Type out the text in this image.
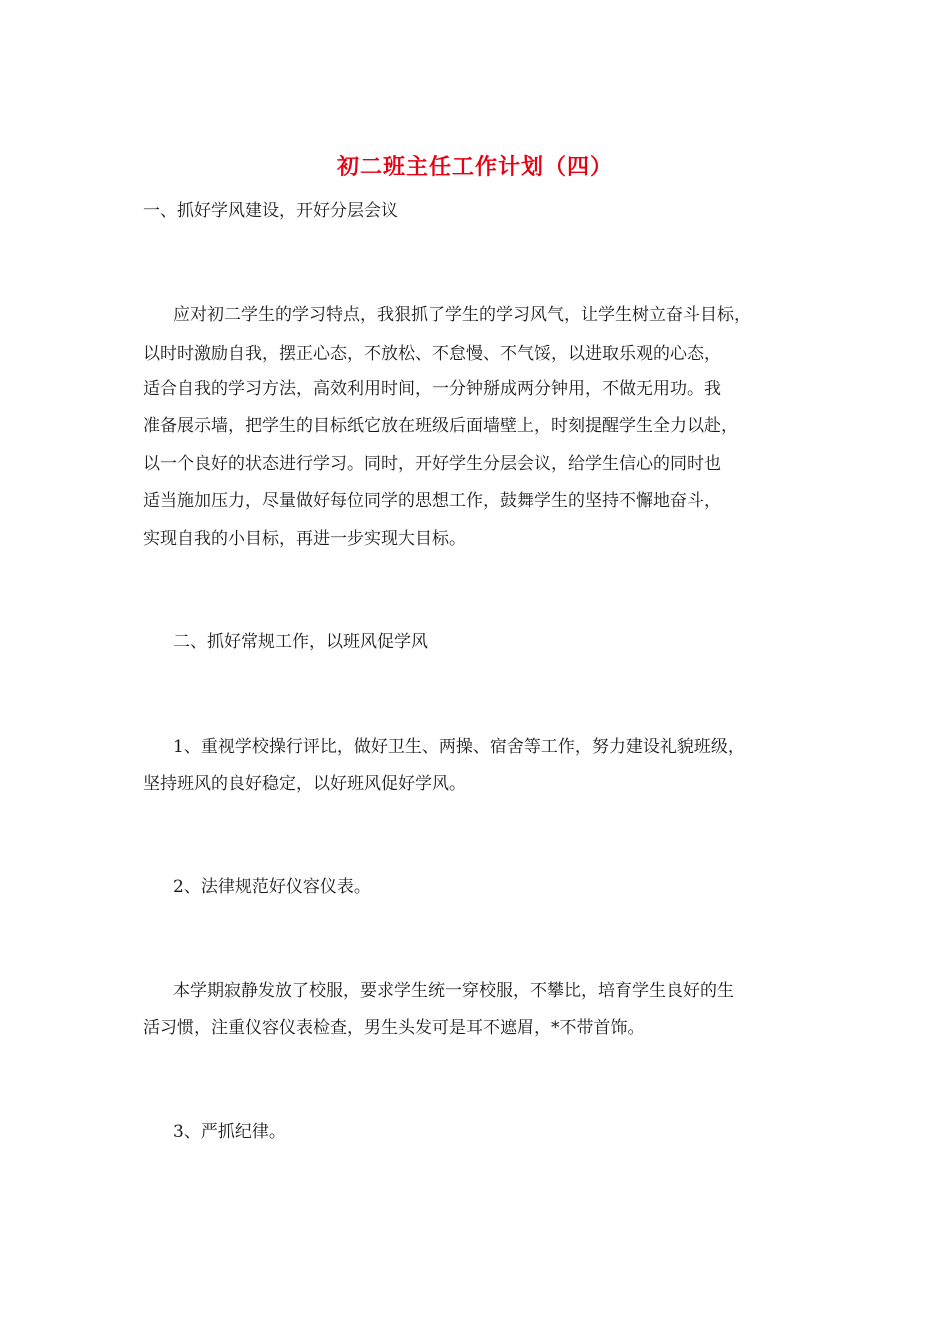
初二班主任工作计划（四）
一、抓好学风建设，开好分层会议
应对初二学生的学习特点，我狠抓了学生的学习风气，让学生树立奋斗目标，
以时时激励自我，摆正心态，不放松、不怠慢、不气馁，以进取乐观的心态，
适合自我的学习方法，高效利用时间，一分钟掰成两分钟用，不做无用功。我
准备展示墙，把学生的目标纸它放在班级后面墙壁上，时刻提醒学生全力以赴，
以一个良好的状态进行学习。同时，开好学生分层会议，给学生信心的同时也
适当施加压力，尽量做好每位同学的思想工作，鼓舞学生的坚持不懈地奋斗，
实现自我的小目标，再进一步实现大目标。
二、抓好常规工作，以班风促学风
1、重视学校操行评比，做好卫生、两操、宿舍等工作，努力建设礼貌班级，
坚持班风的良好稳定，以好班风促好学风。
2、法律规范好仪容仪表。
本学期寂静发放了校服，要求学生统一穿校服，不攀比，培育学生良好的生
活习惯，注重仪容仪表检查，男生头发可是耳不遮眉，*不带首饰。
3、严抓纪律。
